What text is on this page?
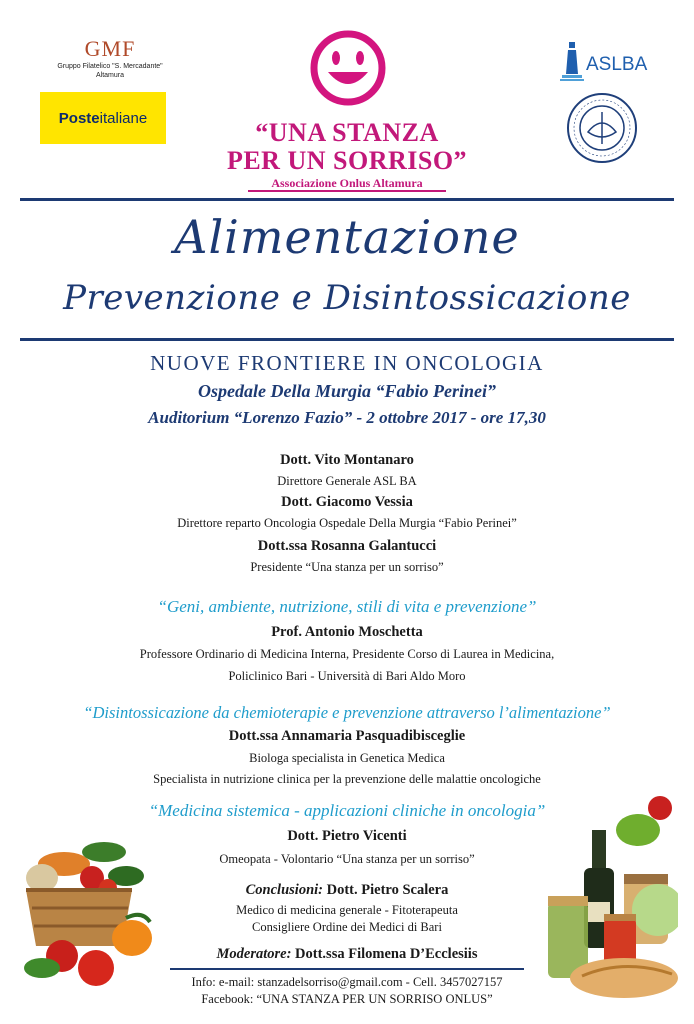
GMF
Gruppo Filatelico "S. Mercadante"
Altamura
Poste italiane	“UNA STANZA
PER UN SORRISO”
Associazione Onlus Altamura
ASLBA
Alimentazione
Prevenzione e Disintossicazione
NUOVE FRONTIERE IN ONCOLOGIA
Ospedale Della Murgia “Fabio Perinei”
Auditorium “Lorenzo Fazio” - 2 ottobre 2017 - ore 17,30
Dott. Vito Montanaro
Direttore Generale ASL BA
Dott. Giacomo Vessia
Direttore reparto Oncologia Ospedale Della Murgia “Fabio Perinei”
Dott.ssa Rosanna Galantucci
Presidente “Una stanza per un sorriso”
“Geni, ambiente, nutrizione, stili di vita e prevenzione”
Prof. Antonio Moschetta
Professore Ordinario di Medicina Interna, Presidente Corso di Laurea in Medicina,
Policlinico Bari - Università di Bari Aldo Moro
“Disintossicazione da chemioterapie e prevenzione attraverso l’alimentazione”
Dott.ssa Annamaria Pasquadibisceglie
Biologa specialista in Genetica Medica
Specialista in nutrizione clinica per la prevenzione delle malattie oncologiche
“Medicina sistemica - applicazioni cliniche in oncologia”
Dott. Pietro Vicenti
Omeopata - Volontario “Una stanza per un sorriso”
Conclusioni: Dott. Pietro Scalera
Medico di medicina generale - Fitoterapeuta
Consigliere Ordine dei Medici di Bari
Moderatore: Dott.ssa Filomena D’Ecclesiis
Info: e-mail: stanzadelsorriso@gmail.com - Cell. 3457027157
Facebook: “UNA STANZA PER UN SORRISO ONLUS”
